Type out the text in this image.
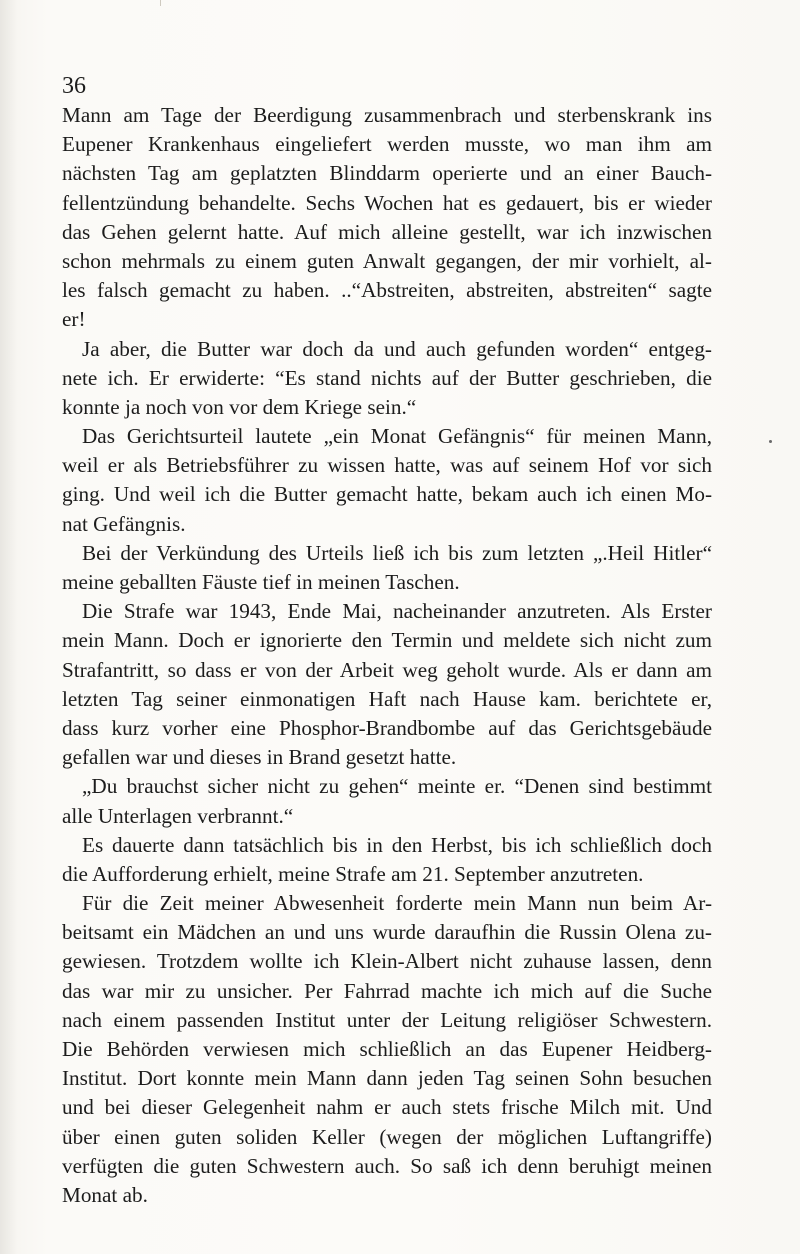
36
Mann am Tage der Beerdigung zusammenbrach und sterbenskrank ins
Eupener Krankenhaus eingeliefert werden musste, wo man ihm am
nächsten Tag am geplatzten Blinddarm operierte und an einer Bauch-
fellentzündung behandelte. Sechs Wochen hat es gedauert, bis er wieder
das Gehen gelernt hatte. Auf mich alleine gestellt, war ich inzwischen
schon mehrmals zu einem guten Anwalt gegangen, der mir vorhielt, al-
les falsch gemacht zu haben. ..“Abstreiten, abstreiten, abstreiten“ sagte
er!
Ja aber, die Butter war doch da und auch gefunden worden“ entgeg-
nete ich. Er erwiderte: “Es stand nichts auf der Butter geschrieben, die
konnte ja noch von vor dem Kriege sein.“
Das Gerichtsurteil lautete „ein Monat Gefängnis“ für meinen Mann,
weil er als Betriebsführer zu wissen hatte, was auf seinem Hof vor sich
ging. Und weil ich die Butter gemacht hatte, bekam auch ich einen Mo-
nat Gefängnis.
Bei der Verkündung des Urteils ließ ich bis zum letzten „.Heil Hitler“
meine geballten Fäuste tief in meinen Taschen.
Die Strafe war 1943, Ende Mai, nacheinander anzutreten. Als Erster
mein Mann. Doch er ignorierte den Termin und meldete sich nicht zum
Strafantritt, so dass er von der Arbeit weg geholt wurde. Als er dann am
letzten Tag seiner einmonatigen Haft nach Hause kam. berichtete er,
dass kurz vorher eine Phosphor-Brandbombe auf das Gerichtsgebäude
gefallen war und dieses in Brand gesetzt hatte.
„Du brauchst sicher nicht zu gehen“ meinte er. “Denen sind bestimmt
alle Unterlagen verbrannt.“
Es dauerte dann tatsächlich bis in den Herbst, bis ich schließlich doch
die Aufforderung erhielt, meine Strafe am 21. September anzutreten.
Für die Zeit meiner Abwesenheit forderte mein Mann nun beim Ar-
beitsamt ein Mädchen an und uns wurde daraufhin die Russin Olena zu-
gewiesen. Trotzdem wollte ich Klein-Albert nicht zuhause lassen, denn
das war mir zu unsicher. Per Fahrrad machte ich mich auf die Suche
nach einem passenden Institut unter der Leitung religiöser Schwestern.
Die Behörden verwiesen mich schließlich an das Eupener Heidberg-
Institut. Dort konnte mein Mann dann jeden Tag seinen Sohn besuchen
und bei dieser Gelegenheit nahm er auch stets frische Milch mit. Und
über einen guten soliden Keller (wegen der möglichen Luftangriffe)
verfügten die guten Schwestern auch. So saß ich denn beruhigt meinen
Monat ab.
